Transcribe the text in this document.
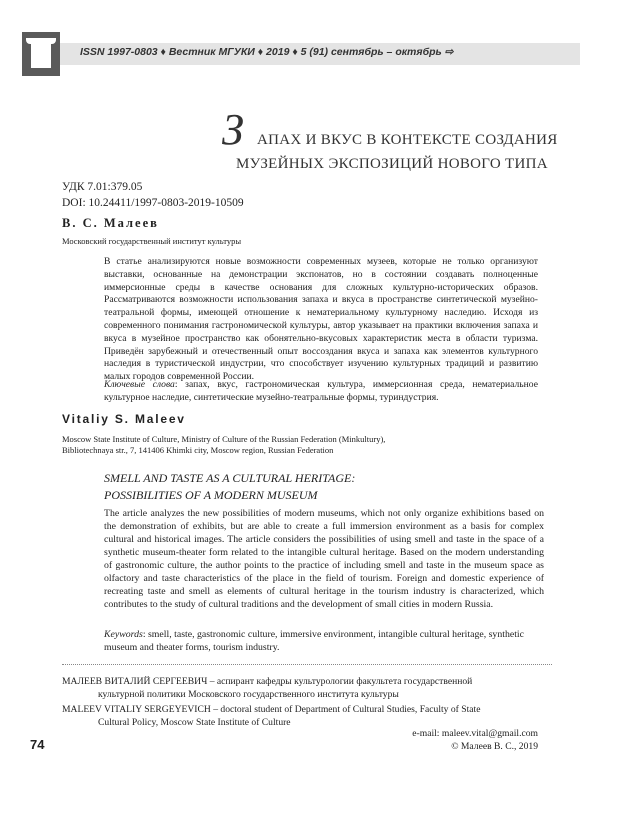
ISSN 1997-0803 ♦ Вестник МГУКИ ♦ 2019 ♦ 5 (91) сентябрь – октябрь ⇨
З АПАХ И ВКУС В КОНТЕКСТЕ СОЗДАНИЯ
МУЗЕЙНЫХ ЭКСПОЗИЦИЙ НОВОГО ТИПА
УДК 7.01:379.05
DOI: 10.24411/1997-0803-2019-10509
В. С. Малеев
Московский государственный институт культуры
В статье анализируются новые возможности современных музеев, которые не только организуют выставки, основанные на демонстрации экспонатов, но в состоянии создавать полноценные иммерсионные среды в качестве основания для сложных культурно-исторических образов. Рассматриваются возможности использования запаха и вкуса в пространстве синтетической музейно-театральной формы, имеющей отношение к нематериальному культурному наследию. Исходя из современного понимания гастрономической культуры, автор указывает на практики включения запаха и вкуса в музейное пространство как обонятельно-вкусовых характеристик места в области туризма. Приведён зарубежный и отечественный опыт воссоздания вкуса и запаха как элементов культурного наследия в туристической индустрии, что способствует изучению культурных традиций и развитию малых городов современной России.
Ключевые слова: запах, вкус, гастрономическая культура, иммерсионная среда, нематериальное культурное наследие, синтетические музейно-театральные формы, туриндустрия.
Vitaliy S. Maleev
Moscow State Institute of Culture, Ministry of Culture of the Russian Federation (Minkultury),
Bibliotechnaya str., 7, 141406 Khimki city, Moscow region, Russian Federation
SMELL AND TASTE AS A CULTURAL HERITAGE:
POSSIBILITIES OF A MODERN MUSEUM
The article analyzes the new possibilities of modern museums, which not only organize exhibitions based on the demonstration of exhibits, but are able to create a full immersion environment as a basis for complex cultural and historical images. The article considers the possibilities of using smell and taste in the space of a synthetic museum-theater form related to the intangible cultural heritage. Based on the modern understanding of gastronomic culture, the author points to the practice of including smell and taste in the museum space as olfactory and taste characteristics of the place in the field of tourism. Foreign and domestic experience of recreating taste and smell as elements of cultural heritage in the tourism industry is characterized, which contributes to the study of cultural traditions and the development of small cities in modern Russia.
Keywords: smell, taste, gastronomic culture, immersive environment, intangible cultural heritage, synthetic museum and theater forms, tourism industry.
МАЛЕЕВ ВИТАЛИЙ СЕРГЕЕВИЧ – аспирант кафедры культурологии факультета государственной
культурной политики Московского государственного института культуры
MALEEV VITALIY SERGEYEVICH – doctoral student of Department of Cultural Studies, Faculty of State
Cultural Policy, Moscow State Institute of Culture
e-mail: maleev.vital@gmail.com
© Малеев В. С., 2019
74
